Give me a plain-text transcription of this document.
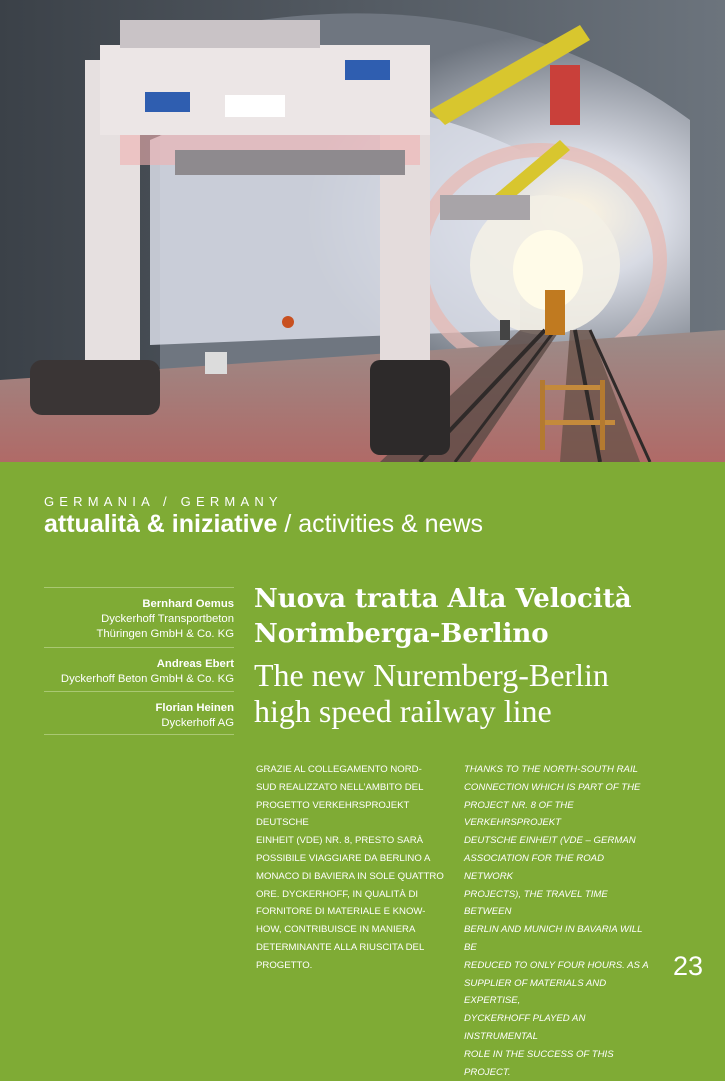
GERMANIA / GERMANY
attualità & iniziative / activities & news
Bernhard Oemus
Dyckerhoff Transportbeton
Thüringen GmbH & Co. KG
Andreas Ebert
Dyckerhoff Beton GmbH & Co. KG
Florian Heinen
Dyckerhoff AG
Nuova tratta Alta Velocità
Norimberga-Berlino
The new Nuremberg-Berlin
high speed railway line
GRAZIE AL COLLEGAMENTO NORD-
SUD REALIZZATO NELL’AMBITO DEL
PROGETTO VERKEHRSPROJEKT DEUTSCHE
EINHEIT (VDE) NR. 8, PRESTO SARÀ
POSSIBILE VIAGGIARE DA BERLINO A
MONACO DI BAVIERA IN SOLE QUATTRO
ORE. DYCKERHOFF, IN QUALITÀ DI
FORNITORE DI MATERIALE E KNOW-
HOW, CONTRIBUISCE IN MANIERA
DETERMINANTE ALLA RIUSCITA DEL
PROGETTO.
THANKS TO THE NORTH-SOUTH RAIL
CONNECTION WHICH IS PART OF THE
PROJECT NR. 8 OF THE VERKEHRSPROJEKT
DEUTSCHE EINHEIT (VDE – GERMAN
ASSOCIATION FOR THE ROAD NETWORK
PROJECTS), THE TRAVEL TIME BETWEEN
BERLIN AND MUNICH IN BAVARIA WILL BE
REDUCED TO ONLY FOUR HOURS. AS A
SUPPLIER OF MATERIALS AND EXPERTISE,
DYCKERHOFF PLAYED AN INSTRUMENTAL
ROLE IN THE SUCCESS OF THIS PROJECT.
23
